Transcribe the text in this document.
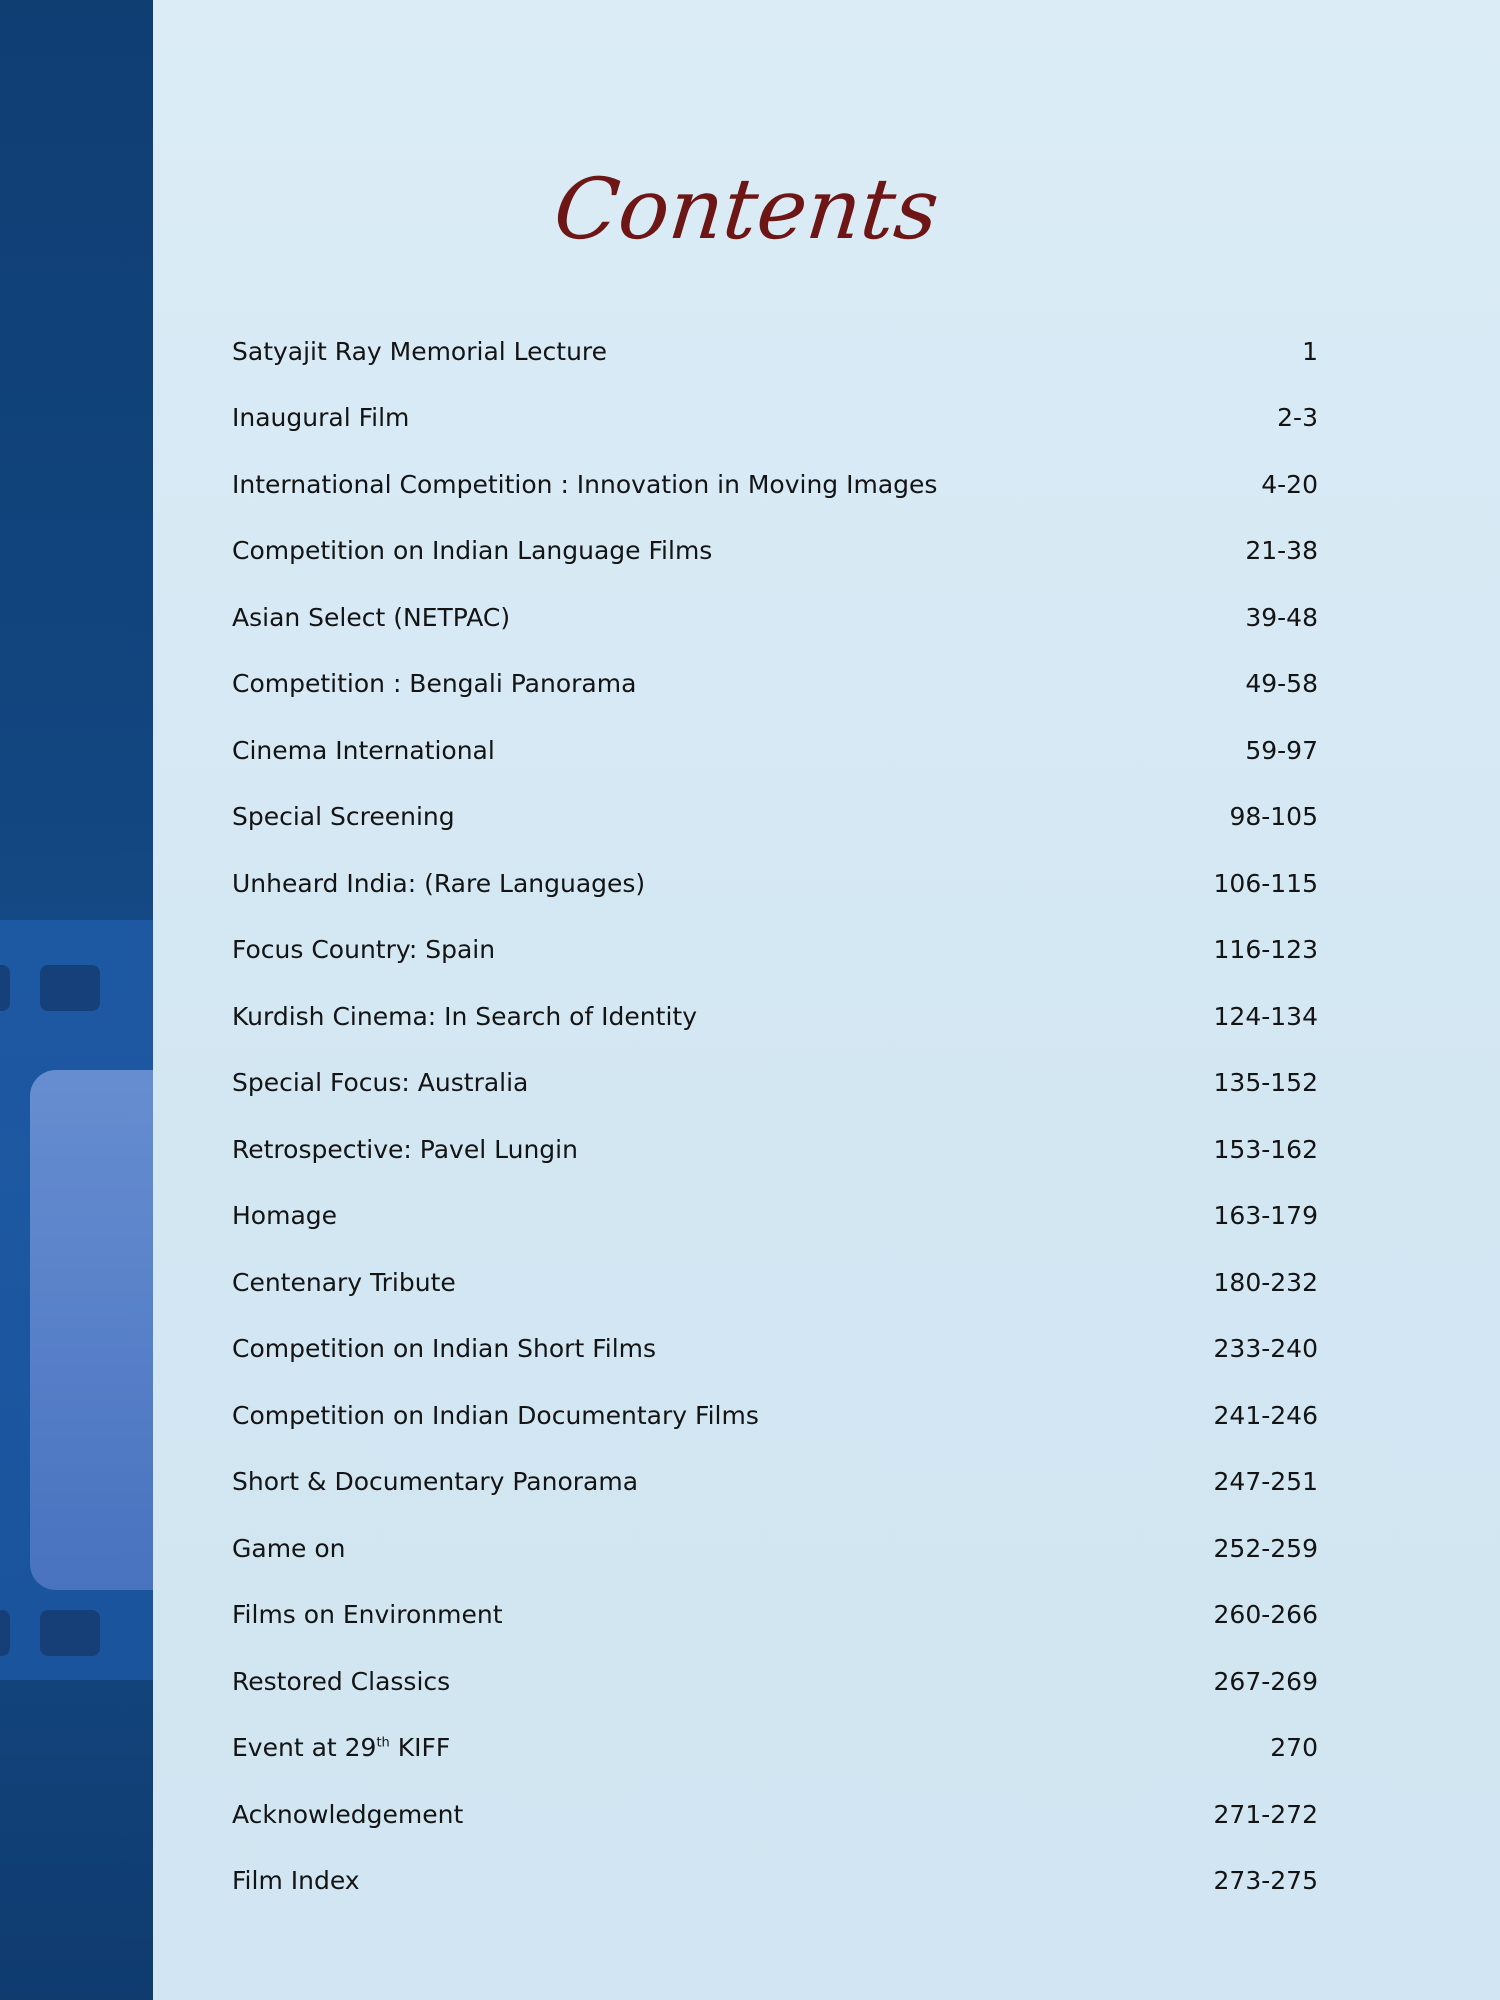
Contents
Satyajit Ray Memorial Lecture	1
Inaugural Film	2-3
International Competition : Innovation in Moving Images	4-20
Competition on Indian Language Films	21-38
Asian Select (NETPAC)	39-48
Competition : Bengali Panorama	49-58
Cinema International	59-97
Special Screening	98-105
Unheard India: (Rare Languages)	106-115
Focus Country: Spain	116-123
Kurdish Cinema: In Search of Identity	124-134
Special Focus: Australia	135-152
Retrospective: Pavel Lungin	153-162
Homage	163-179
Centenary Tribute	180-232
Competition on Indian Short Films	233-240
Competition on Indian Documentary Films	241-246
Short & Documentary Panorama	247-251
Game on	252-259
Films on Environment	260-266
Restored Classics	267-269
Event at 29th KIFF	270
Acknowledgement	271-272
Film Index	273-275
